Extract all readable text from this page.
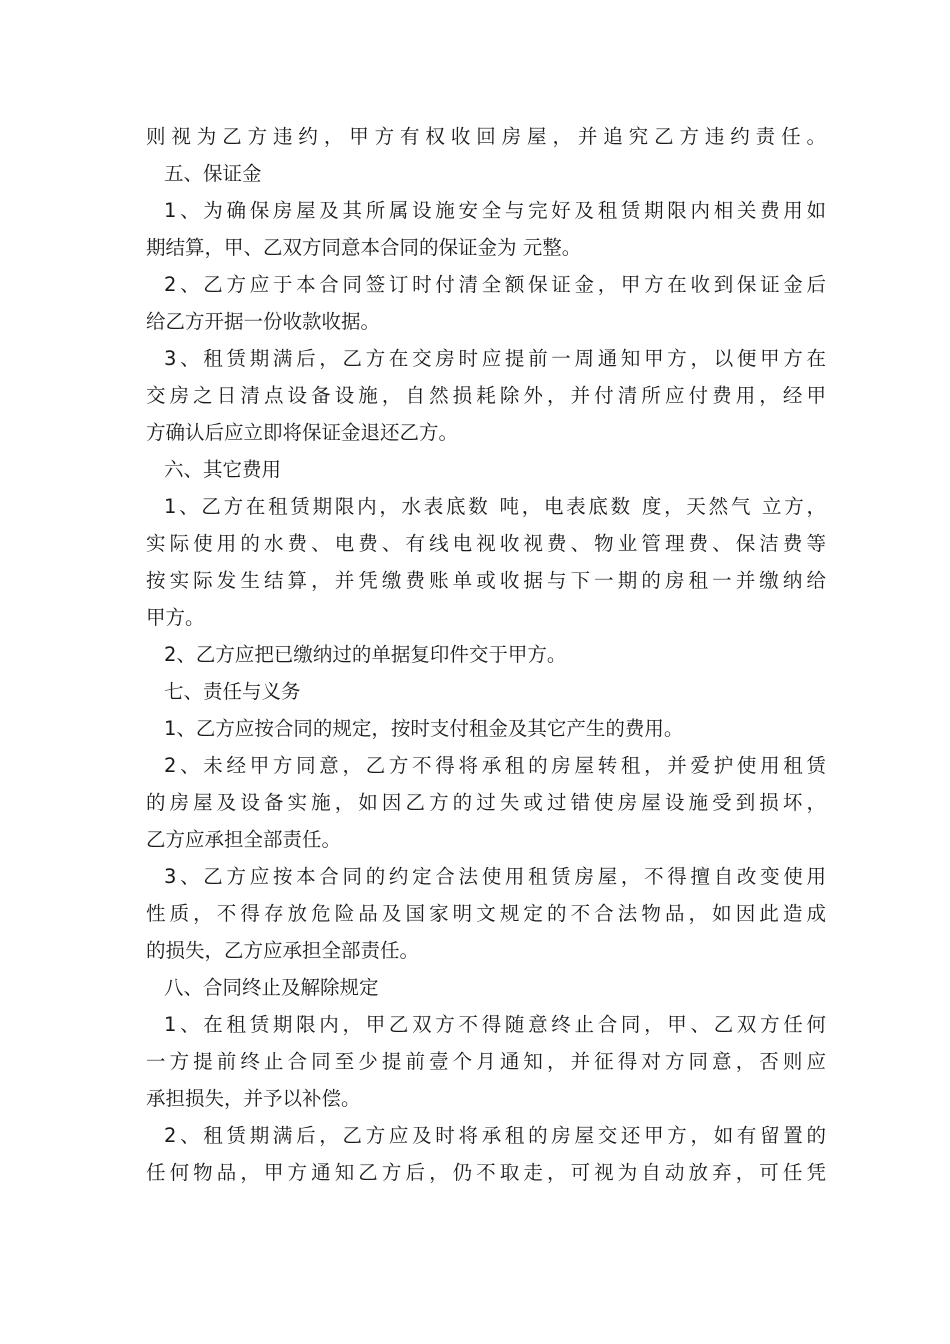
则视为乙方违约，甲方有权收回房屋，并追究乙方违约责任。
五、保证金
1、为确保房屋及其所属设施安全与完好及租赁期限内相关费用如
期结算，甲、乙双方同意本合同的保证金为 元整。
2、乙方应于本合同签订时付清全额保证金，甲方在收到保证金后
给乙方开据一份收款收据。
3、租赁期满后，乙方在交房时应提前一周通知甲方，以便甲方在
交房之日清点设备设施，自然损耗除外，并付清所应付费用，经甲
方确认后应立即将保证金退还乙方。
六、其它费用
1、乙方在租赁期限内，水表底数 吨，电表底数 度，天然气 立方，
实际使用的水费、电费、有线电视收视费、物业管理费、保洁费等
按实际发生结算，并凭缴费账单或收据与下一期的房租一并缴纳给
甲方。
2、乙方应把已缴纳过的单据复印件交于甲方。
七、责任与义务
1、乙方应按合同的规定，按时支付租金及其它产生的费用。
2、未经甲方同意，乙方不得将承租的房屋转租，并爱护使用租赁
的房屋及设备实施，如因乙方的过失或过错使房屋设施受到损坏，
乙方应承担全部责任。
3、乙方应按本合同的约定合法使用租赁房屋，不得擅自改变使用
性质，不得存放危险品及国家明文规定的不合法物品，如因此造成
的损失，乙方应承担全部责任。
八、合同终止及解除规定
1、在租赁期限内，甲乙双方不得随意终止合同，甲、乙双方任何
一方提前终止合同至少提前壹个月通知，并征得对方同意，否则应
承担损失，并予以补偿。
2、租赁期满后，乙方应及时将承租的房屋交还甲方，如有留置的
任何物品，甲方通知乙方后，仍不取走，可视为自动放弃，可任凭
